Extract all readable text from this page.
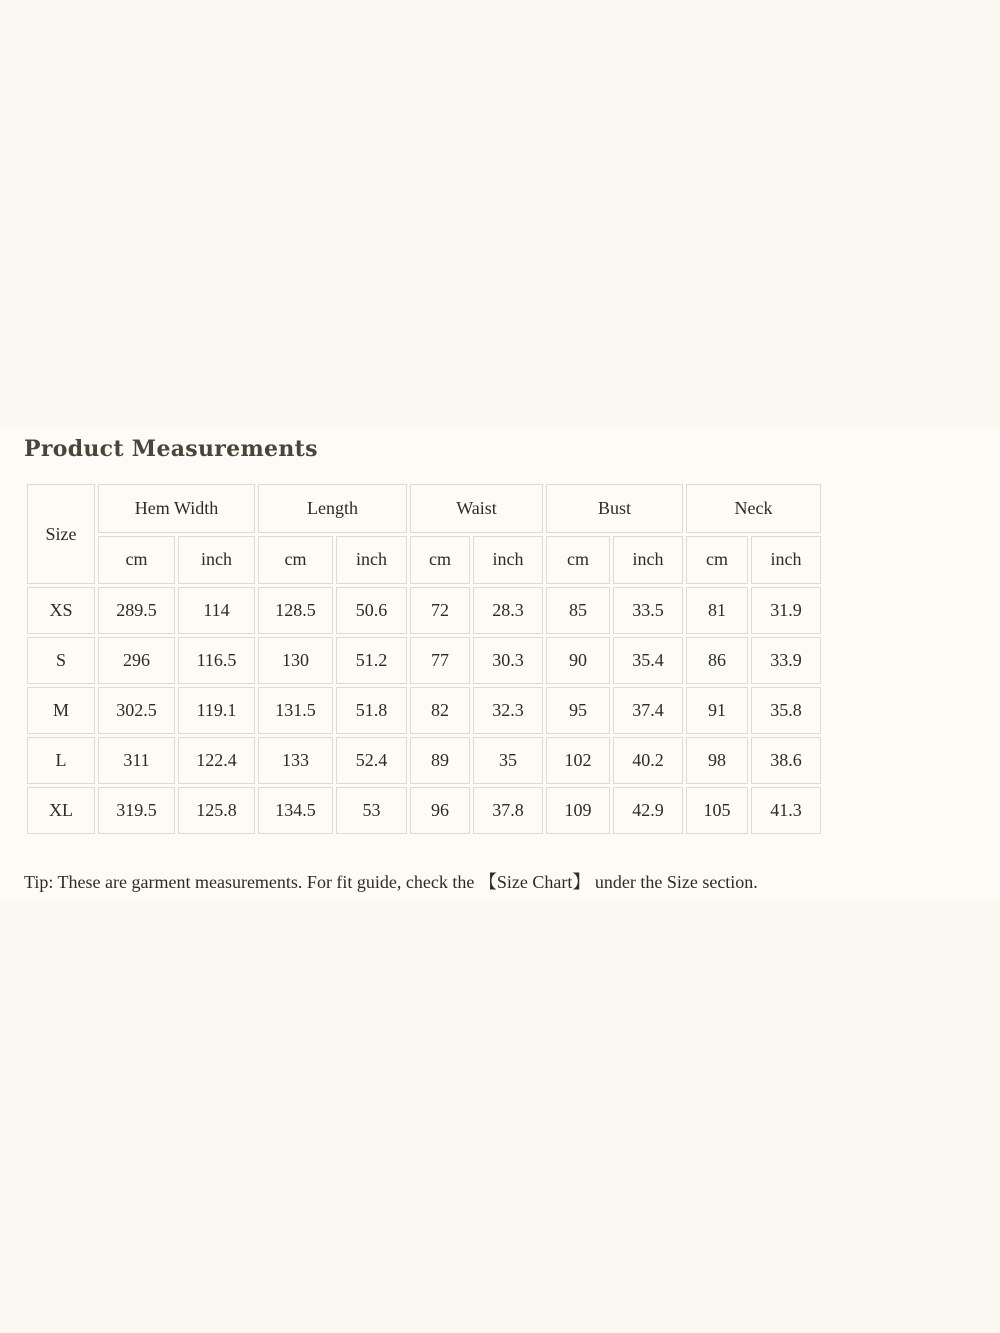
Product Measurements
Size	Hem Width		Length		Waist		Bust		Neck	
	cm	inch	cm	inch	cm	inch	cm	inch	cm	inch
XS	289.5	114	128.5	50.6	72	28.3	85	33.5	81	31.9
S	296	116.5	130	51.2	77	30.3	90	35.4	86	33.9
M	302.5	119.1	131.5	51.8	82	32.3	95	37.4	91	35.8
L	311	122.4	133	52.4	89	35	102	40.2	98	38.6
XL	319.5	125.8	134.5	53	96	37.8	109	42.9	105	41.3
Tip: These are garment measurements. For fit guide, check the 【Size Chart】 under the Size section.
